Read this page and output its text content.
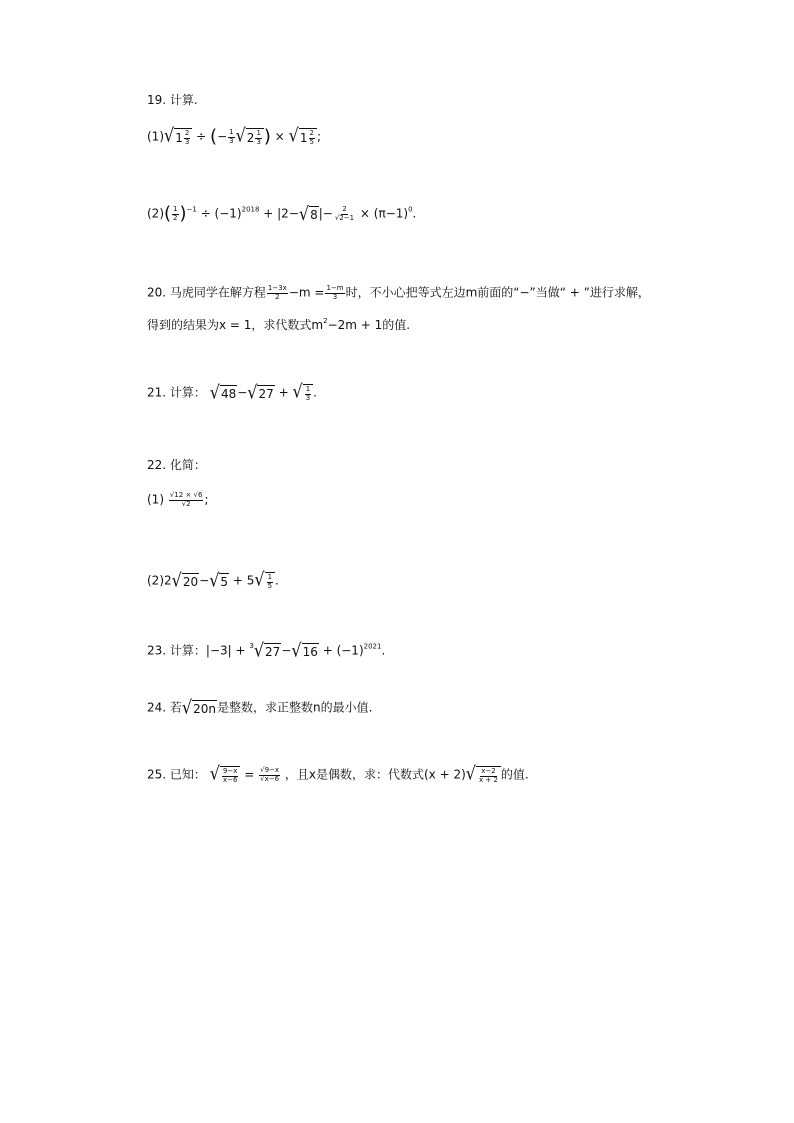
19. 计算.
(1) √ 1 2
3 ÷ (− $\frac{1}{3}$ √ 2 1
3 ) × √ 1 2
5 ;
$(2)( \frac{1}{2} )^{-1} \div (-1)^{2018} + |2-$ √ 8 |− $\frac{2}{√2-1} \times (\pi-1)^0$.
20. 马虎同学在解方程 $\frac{1-3x}{2} -m = \frac{1-m}{3}$ 时，不小心把等式左边m前面的“−”当做“ + ”进行求解，
得到的结果为x = 1，求代数式$m^2-2m + 1$的值.
21. 计算： √ 48 − √ 27 + √ 1
3 .
22. 化简：
$(1) \frac{√12 \times √6}{√2}$ ;
(2)2 √ 20 − √ 5 + 5 √ 1
5 .
23. 计算：|−3| + 3 √ 27 − √ $16 + (-1)^{2021}$.
24. 若 √ 20n 是整数，求正整数n的最小值.
25. 已知： √ 9−x
$x-6 = \frac{√9-x}{√x-6}$ ，且x是偶数，求：代数式(x + 2) √ x−2
x + 2 的值.
